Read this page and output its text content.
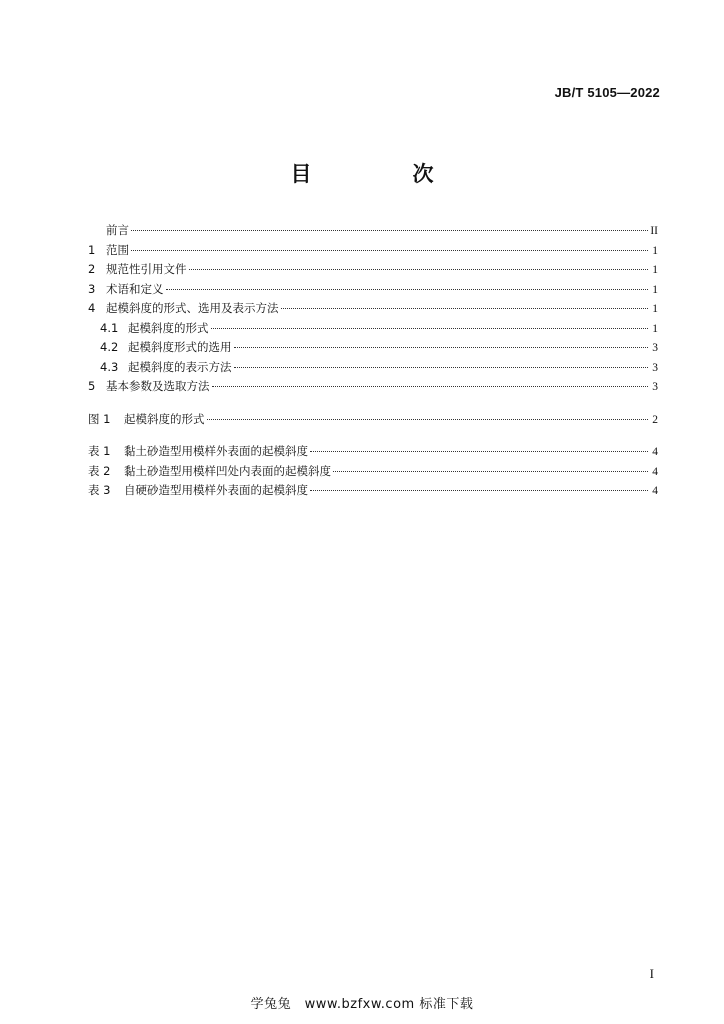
JB/T 5105—2022
目　次
前言	II
1 范围	1
2 规范性引用文件	1
3 术语和定义	1
4 起模斜度的形式、选用及表示方法	1
4.1 起模斜度的形式	1
4.2 起模斜度形式的选用	3
4.3 起模斜度的表示方法	3
5 基本参数及选取方法	3
图 1	起模斜度的形式	2
表 1	黏土砂造型用模样外表面的起模斜度	4
表 2	黏土砂造型用模样凹处内表面的起模斜度	4
表 3	自硬砂造型用模样外表面的起模斜度	4
I
学兔兔　www.bzfxw.com 标准下载
